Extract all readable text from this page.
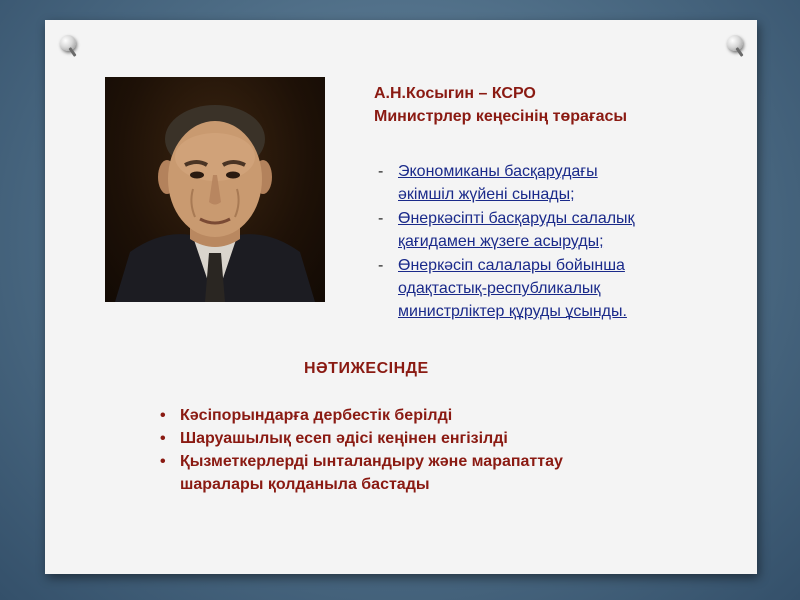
А.Н.Косыгин – КСРО
Министрлер кеңесінің төрағасы
- Экономиканы басқарудағы
әкімшіл жүйені сынады;
- Өнеркәсіпті басқаруды салалық
қағидамен жүзеге асыруды;
- Өнеркәсіп салалары бойынша
одақтастық-республикалық
министрліктер құруды ұсынды.
НӘТИЖЕСІНДЕ
• Кәсіпорындарға дербестік берілді
• Шаруашылық есеп әдісі кеңінен енгізілді
• Қызметкерлерді ынталандыру және марапаттау
шаралары қолданыла бастады
